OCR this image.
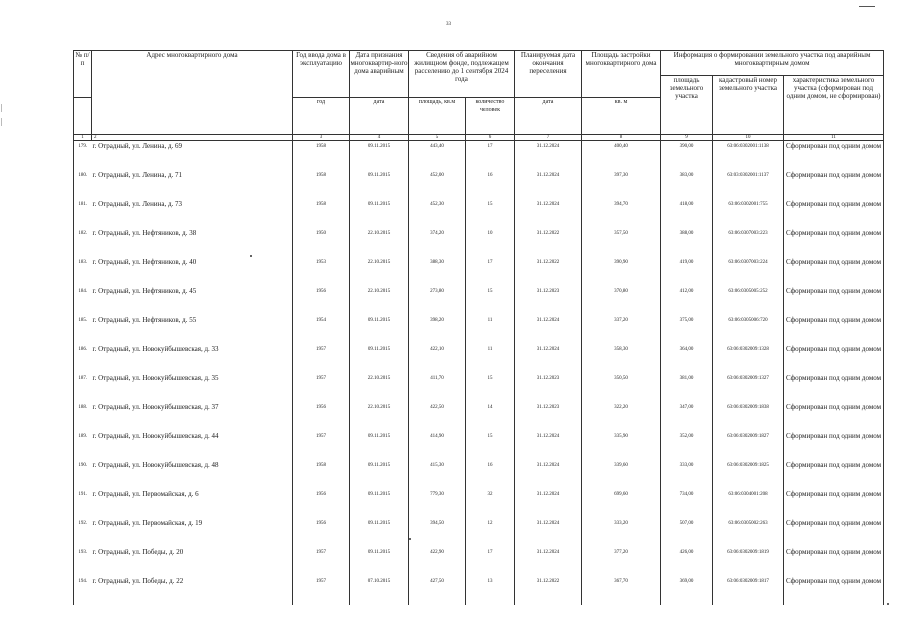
33
№ п/п	Адрес многоквартирного дома	Год ввода дома в эксплуатацию	Дата признания многоквартир-ного дома аварийным	Сведения об аварийном жилищном фонде, подлежащем расселению до 1 сентября 2024 года		Планируемая дата окончания переселения	Площадь застройки многоквартирного дома	Информация о формировании земельного участка под аварийным многоквартирным домом		
								площадь земельного участка	кадастровый номер земельного участка	характеристика земельного участка (сформирован под одним домом, не сформирован)
		год	дата	площадь, кв.м	количество человек	дата	кв. м			
1	2	3	4	5	6	7	8	9	10	11
179.	г. Отрадный, ул. Ленина, д. 69	1958	09.11.2015	443,40	17	31.12.2024	400,40	390,00	63:06:0302001:1138	Сформирован под одним домом
180.	г. Отрадный, ул. Ленина, д. 71	1958	09.11.2015	452,00	16	31.12.2024	397,30	383,00	63:03:0302001:1137	Сформирован под одним домом
181.	г. Отрадный, ул. Ленина, д. 73	1958	09.11.2015	452,30	15	31.12.2024	394,70	418,00	63:06:0302001:755	Сформирован под одним домом
182.	г. Отрадный, ул. Нефтяников, д. 38	1950	22.10.2015	374,20	10	31.12.2022	357,50	388,00	63:06:0307003:223	Сформирован под одним домом
183.	г. Отрадный, ул. Нефтяников, д. 40	1953	22.10.2015	388,30	17	31.12.2022	390,90	419,00	63:06:0307003:224	Сформирован под одним домом
184.	г. Отрадный, ул. Нефтяников, д. 45	1956	22.10.2015	273,80	15	31.12.2023	370,80	412,00	63:06:0305005:252	Сформирован под одним домом
185.	г. Отрадный, ул. Нефтяников, д. 55	1954	09.11.2015	398,20	11	31.12.2024	337,20	375,00	63:06:0305006:720	Сформирован под одним домом
186.	г. Отрадный, ул. Новокуйбышевская, д. 33	1957	09.11.2015	422,10	11	31.12.2024	358,30	364,00	63:06:0302009:1328	Сформирован под одним домом
187.	г. Отрадный, ул. Новокуйбышевская, д. 35	1957	22.10.2015	411,70	15	31.12.2023	350,50	381,00	63:06:0302009:1327	Сформирован под одним домом
188.	г. Отрадный, ул. Новокуйбышевская, д. 37	1956	22.10.2015	422,50	14	31.12.2023	322,20	347,00	63:06:0302009:1838	Сформирован под одним домом
189.	г. Отрадный, ул. Новокуйбышевская, д. 44	1957	09.11.2015	414,90	15	31.12.2024	335,90	352,00	63:06:0302009:1827	Сформирован под одним домом
190.	г. Отрадный, ул. Новокуйбышевская, д. 48	1958	09.11.2015	415,30	16	31.12.2024	339,60	333,00	63:06:0302009:1825	Сформирован под одним домом
191.	г. Отрадный, ул. Первомайская, д. 6	1956	09.11.2015	779,30	32	31.12.2024	699,60	734,00	63:06:0304001:208	Сформирован под одним домом
192.	г. Отрадный, ул. Первомайская, д. 19	1956	09.11.2015	394,50	12	31.12.2024	333,20	507,00	63:06:0305002:263	Сформирован под одним домом
193.	г. Отрадный, ул. Победы, д. 20	1957	09.11.2015	422,90	17	31.12.2024	377,20	426,00	63:06:0302009:1819	Сформирован под одним домом
194.	г. Отрадный, ул. Победы, д. 22	1957	07.10.2015	427,50	13	31.12.2022	367,70	369,00	63:06:0302009:1817	Сформирован под одним домом
